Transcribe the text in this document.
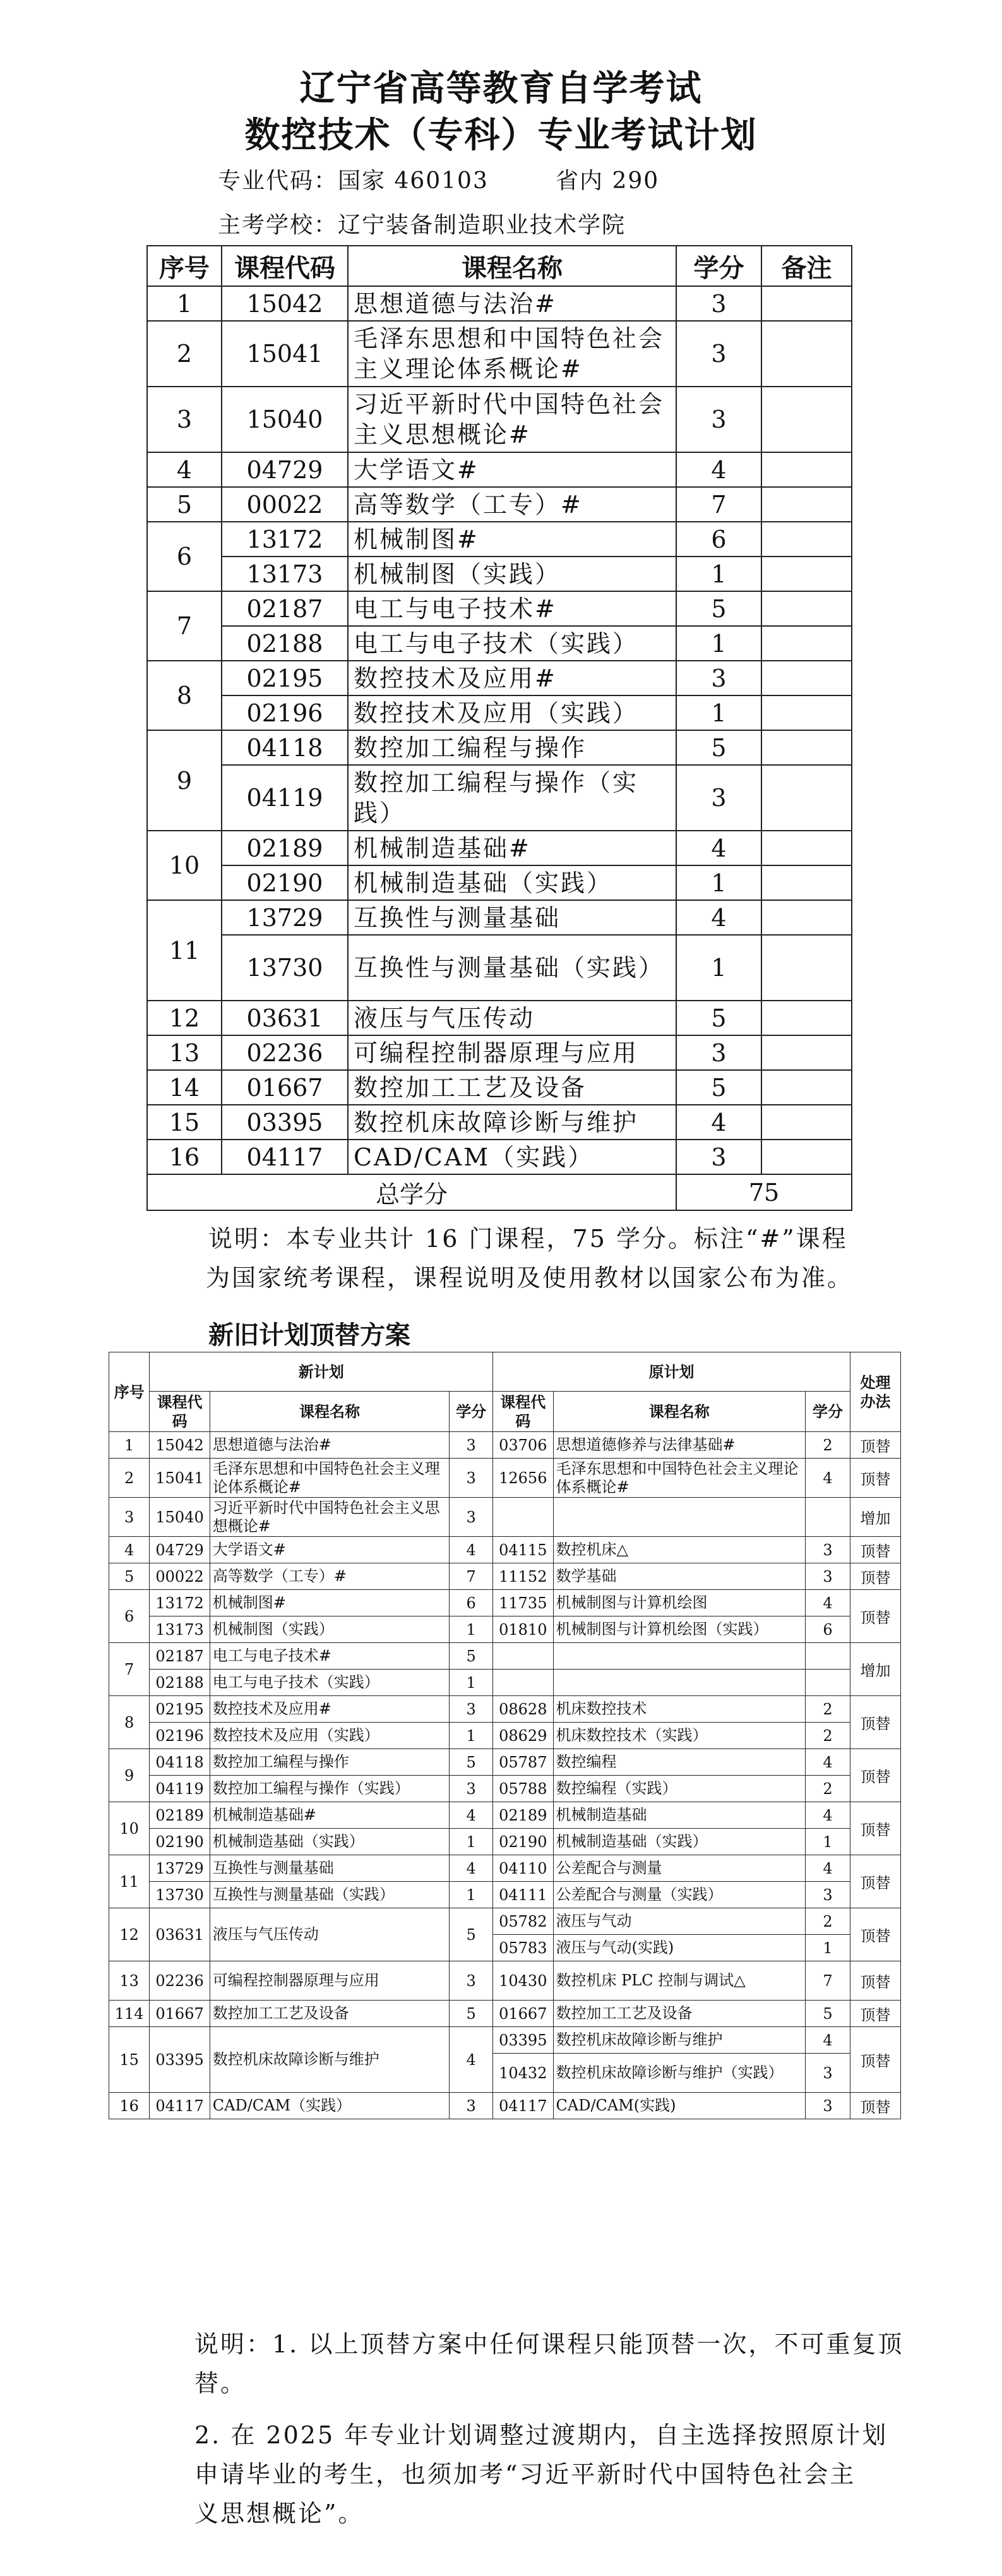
辽宁省高等教育自学考试
数控技术（专科）专业考试计划
专业代码：国家 460103	省内 290
主考学校：辽宁装备制造职业技术学院
序号	课程代码	课程名称	学分	备注
1	15042	思想道德与法治#	3	
2	15041	毛泽东思想和中国特色社会主义理论体系概论#	3	
3	15040	习近平新时代中国特色社会主义思想概论#	3	
4	04729	大学语文#	4	
5	00022	高等数学（工专）#	7	
6	13172	机械制图#	6	
	13173	机械制图（实践）	1	
7	02187	电工与电子技术#	5	
	02188	电工与电子技术（实践）	1	
8	02195	数控技术及应用#	3	
	02196	数控技术及应用（实践）	1	
9	04118	数控加工编程与操作	5	
	04119	数控加工编程与操作（实践）	3	
10	02189	机械制造基础#	4	
	02190	机械制造基础（实践）	1	
11	13729	互换性与测量基础	4	
	13730	互换性与测量基础（实践）	1	
12	03631	液压与气压传动	5	
13	02236	可编程控制器原理与应用	3	
14	01667	数控加工工艺及设备	5	
15	03395	数控机床故障诊断与维护	4	
16	04117	CAD/CAM（实践）	3	
总学分			75	
说明：本专业共计 16 门课程，75 学分。标注“#”课程
为国家统考课程，课程说明及使用教材以国家公布为准。
新旧计划顶替方案
序号	新计划			原计划			处理办法
	课程代码	课程名称	学分	课程代码	课程名称	学分	
1	15042	思想道德与法治#	3	03706	思想道德修养与法律基础#	2	顶替
2	15041	毛泽东思想和中国特色社会主义理论体系概论#	3	12656	毛泽东思想和中国特色社会主义理论体系概论#	4	顶替
3	15040	习近平新时代中国特色社会主义思想概论#	3				增加
4	04729	大学语文#	4	04115	数控机床△	3	顶替
5	00022	高等数学（工专）#	7	11152	数学基础	3	顶替
6	13172	机械制图#	6	11735	机械制图与计算机绘图	4	顶替
	13173	机械制图（实践）	1	01810	机械制图与计算机绘图（实践）	6	
7	02187	电工与电子技术#	5				增加
	02188	电工与电子技术（实践）	1				
8	02195	数控技术及应用#	3	08628	机床数控技术	2	顶替
	02196	数控技术及应用（实践）	1	08629	机床数控技术（实践）	2	
9	04118	数控加工编程与操作	5	05787	数控编程	4	顶替
	04119	数控加工编程与操作（实践）	3	05788	数控编程（实践）	2	
10	02189	机械制造基础#	4	02189	机械制造基础	4	顶替
	02190	机械制造基础（实践）	1	02190	机械制造基础（实践）	1	
11	13729	互换性与测量基础	4	04110	公差配合与测量	4	顶替
	13730	互换性与测量基础（实践）	1	04111	公差配合与测量（实践）	3	
12	03631	液压与气压传动	5	05782	液压与气动	2	顶替
				05783	液压与气动(实践)	1	
13	02236	可编程控制器原理与应用	3	10430	数控机床 PLC 控制与调试△	7	顶替
114	01667	数控加工工艺及设备	5	01667	数控加工工艺及设备	5	顶替
15	03395	数控机床故障诊断与维护	4	03395	数控机床故障诊断与维护	4	顶替
				10432	数控机床故障诊断与维护（实践）	3	
16	04117	CAD/CAM（实践）	3	04117	CAD/CAM(实践)	3	顶替
说明：1. 以上顶替方案中任何课程只能顶替一次，不可重复顶
替。
2. 在 2025 年专业计划调整过渡期内，自主选择按照原计划
申请毕业的考生，也须加考“习近平新时代中国特色社会主
义思想概论”。
